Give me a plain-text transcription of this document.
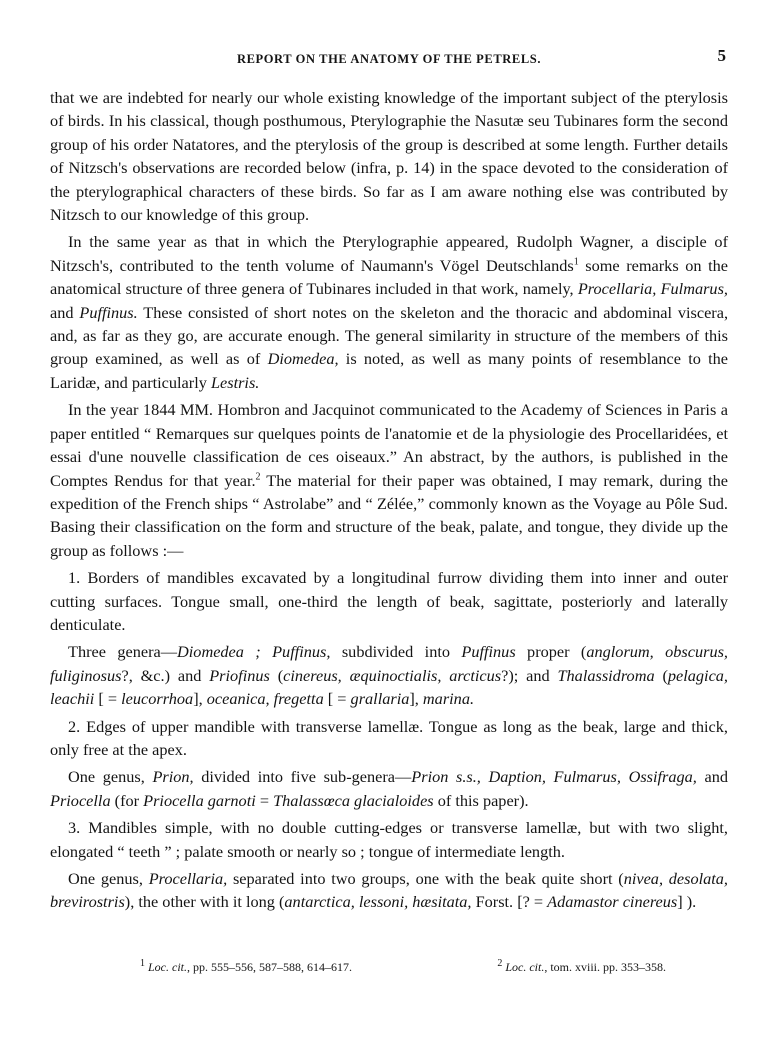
REPORT ON THE ANATOMY OF THE PETRELS.	5

that we are indebted for nearly our whole existing knowledge of the important subject of the pterylosis of birds. In his classical, though posthumous, Pterylographie the Nasutæ seu Tubinares form the second group of his order Natatores, and the pterylosis of the group is described at some length. Further details of Nitzsch's observations are recorded below (infra, p. 14) in the space devoted to the consideration of the pterylographical characters of these birds. So far as I am aware nothing else was contributed by Nitzsch to our knowledge of this group.

In the same year as that in which the Pterylographie appeared, Rudolph Wagner, a disciple of Nitzsch's, contributed to the tenth volume of Naumann's Vögel Deutschlands$^1$ some remarks on the anatomical structure of three genera of Tubinares included in that work, namely, Procellaria, Fulmarus, and Puffinus. These consisted of short notes on the skeleton and the thoracic and abdominal viscera, and, as far as they go, are accurate enough. The general similarity in structure of the members of this group examined, as well as of Diomedea, is noted, as well as many points of resemblance to the Laridæ, and particularly Lestris.

In the year 1844 MM. Hombron and Jacquinot communicated to the Academy of Sciences in Paris a paper entitled “ Remarques sur quelques points de l'anatomie et de la physiologie des Procellaridées, et essai d'une nouvelle classification de ces oiseaux.” An abstract, by the authors, is published in the Comptes Rendus for that year.$^2$ The material for their paper was obtained, I may remark, during the expedition of the French ships “ Astrolabe” and “ Zélée,” commonly known as the Voyage au Pôle Sud. Basing their classification on the form and structure of the beak, palate, and tongue, they divide up the group as follows :—

1. Borders of mandibles excavated by a longitudinal furrow dividing them into inner and outer cutting surfaces. Tongue small, one-third the length of beak, sagittate, posteriorly and laterally denticulate.

Three genera—Diomedea ; Puffinus, subdivided into Puffinus proper (anglorum, obscurus, fuliginosus?, &c.) and Priofinus (cinereus, æquinoctialis, arcticus?); and Thalassidroma (pelagica, leachii [ = leucorrhoa], oceanica, fregetta [ = grallaria], marina.

2. Edges of upper mandible with transverse lamellæ. Tongue as long as the beak, large and thick, only free at the apex.

One genus, Prion, divided into five sub-genera—Prion s.s., Daption, Fulmarus, Ossifraga, and Priocella (for Priocella garnoti = Thalassœca glacialoides of this paper).

3. Mandibles simple, with no double cutting-edges or transverse lamellæ, but with two slight, elongated “ teeth ” ; palate smooth or nearly so ; tongue of intermediate length.

One genus, Procellaria, separated into two groups, one with the beak quite short (nivea, desolata, brevirostris), the other with it long (antarctica, lessoni, hæsitata, Forst. [? = Adamastor cinereus] ).

$^1$ Loc. cit., pp. 555–556, 587–588, 614–617.	$^2$ Loc. cit., tom. xviii. pp. 353–358.
